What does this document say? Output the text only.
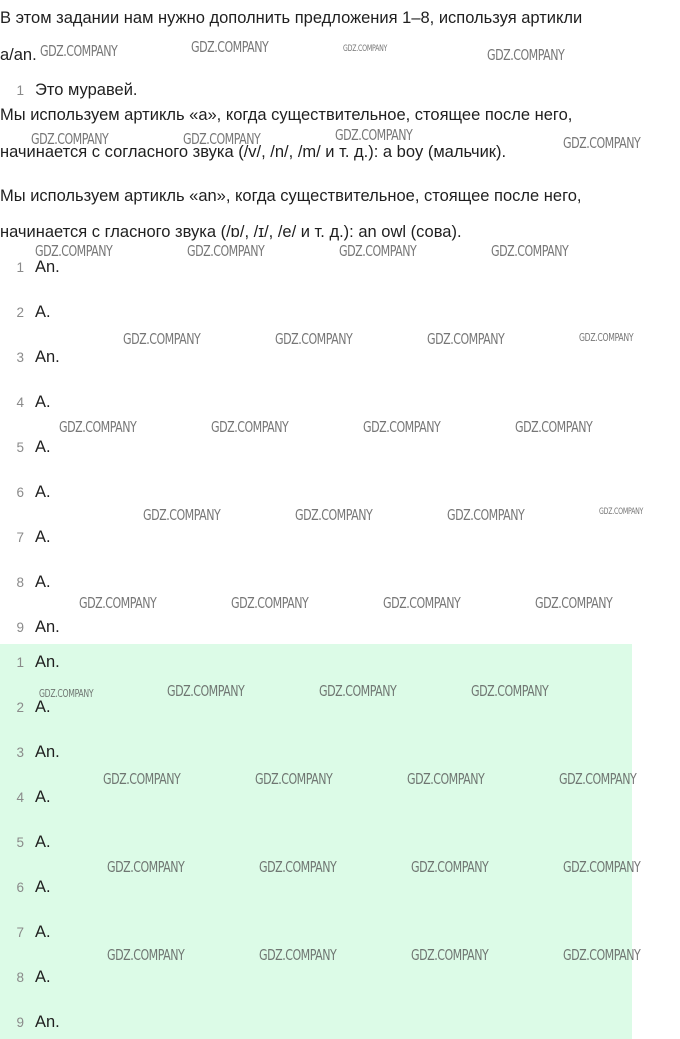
В этом задании нам нужно дополнить предложения 1–8, используя артикли

a/an.

1 Это муравей.

Мы используем артикль «a», когда существительное, стоящее после него,

начинается с согласного звука (/v/, /n/, /m/ и т. д.): a boy (мальчик).

Мы используем артикль «an», когда существительное, стоящее после него,

начинается с гласного звука (/ɒ/, /ɪ/, /e/ и т. д.): an owl (сова).

1 An.
2 A.
3 An.
4 A.
5 A.
6 A.
7 A.
8 A.
9 An.
1 An.
2 A.
3 An.
4 A.
5 A.
6 A.
7 A.
8 A.
9 An.
GDZ.COMPANY	GDZ.COMPANY	GDZ.COMPANY	GDZ.COMPANY
GDZ.COMPANY	GDZ.COMPANY	GDZ.COMPANY	GDZ.COMPANY
GDZ.COMPANY	GDZ.COMPANY	GDZ.COMPANY	GDZ.COMPANY
GDZ.COMPANY	GDZ.COMPANY	GDZ.COMPANY	GDZ.COMPANY
GDZ.COMPANY	GDZ.COMPANY	GDZ.COMPANY	GDZ.COMPANY
GDZ.COMPANY	GDZ.COMPANY	GDZ.COMPANY	GDZ.COMPANY
GDZ.COMPANY	GDZ.COMPANY	GDZ.COMPANY	GDZ.COMPANY
GDZ.COMPANY	GDZ.COMPANY	GDZ.COMPANY	GDZ.COMPANY
GDZ.COMPANY	GDZ.COMPANY	GDZ.COMPANY	GDZ.COMPANY
GDZ.COMPANY	GDZ.COMPANY	GDZ.COMPANY	GDZ.COMPANY
GDZ.COMPANY	GDZ.COMPANY	GDZ.COMPANY	GDZ.COMPANY
